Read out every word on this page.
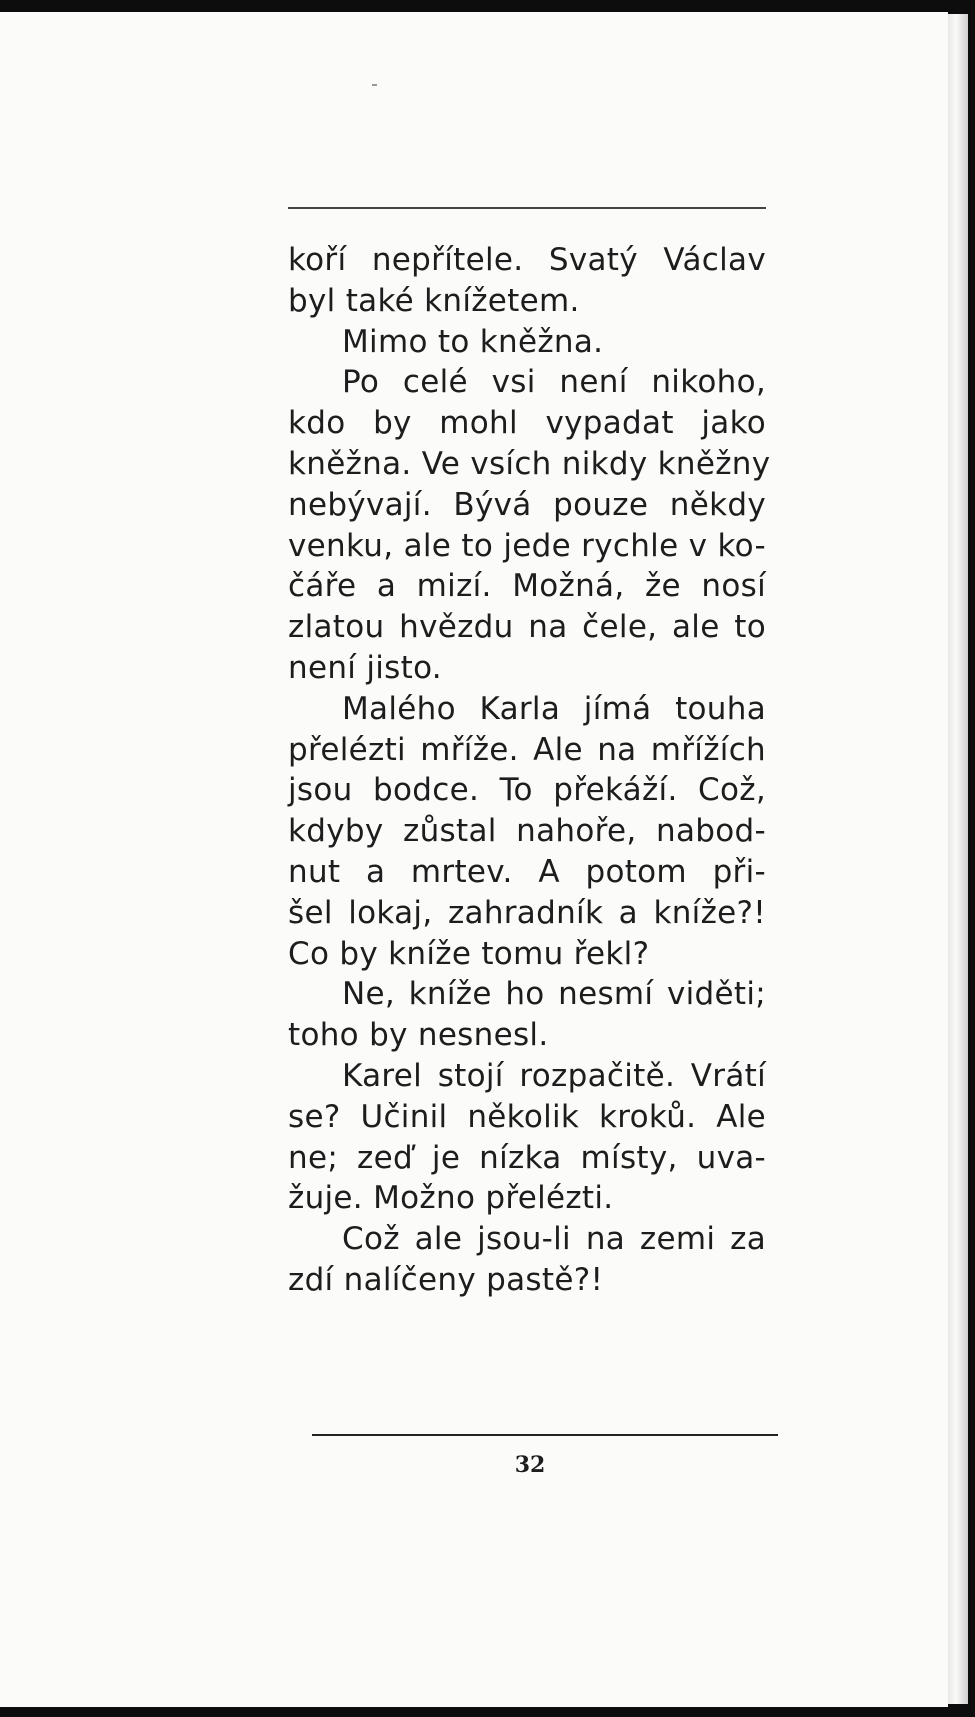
koří nepřítele. Svatý Václav
byl také knížetem.
Mimo to kněžna.
Po celé vsi není nikoho,
kdo by mohl vypadat jako
kněžna. Ve vsích nikdy kněžny
nebývají. Bývá pouze někdy
venku, ale to jede rychle v ko-
čáře a mizí. Možná, že nosí
zlatou hvězdu na čele, ale to
není jisto.
Malého Karla jímá touha
přelézti mříže. Ale na mřížích
jsou bodce. To překáží. Což,
kdyby zůstal nahoře, nabod-
nut a mrtev. A potom při-
šel lokaj, zahradník a kníže?!
Co by kníže tomu řekl?
Ne, kníže ho nesmí viděti;
toho by nesnesl.
Karel stojí rozpačitě. Vrátí
se? Učinil několik kroků. Ale
ne; zeď je nízka místy, uva-
žuje. Možno přelézti.
Což ale jsou-li na zemi za
zdí nalíčeny pastě?!
32
